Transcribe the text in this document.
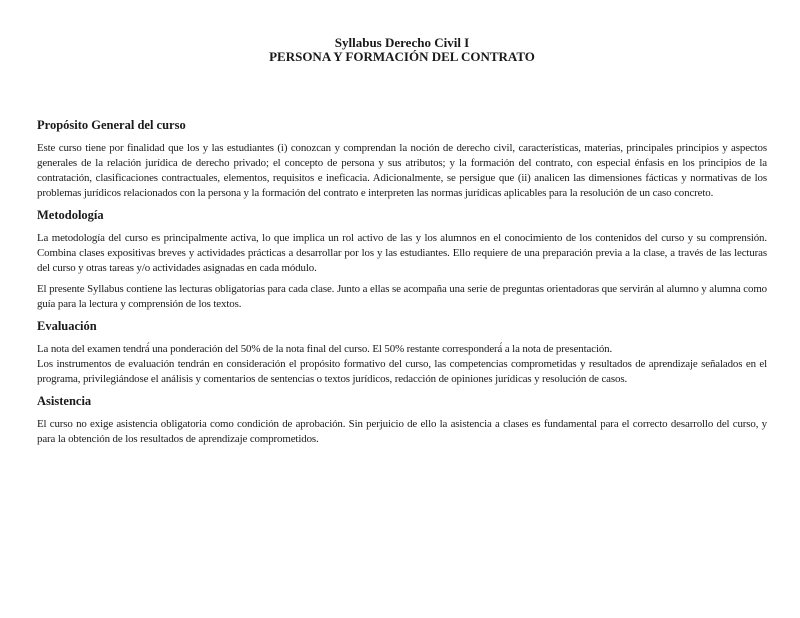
Syllabus Derecho Civil I
PERSONA Y FORMACIÓN DEL CONTRATO
Propósito General del curso

Este curso tiene por finalidad que los y las estudiantes (i) conozcan y comprendan la noción de derecho civil, características, materias, principales principios y aspectos generales de la relación jurídica de derecho privado; el concepto de persona y sus atributos; y la formación del contrato, con especial énfasis en los principios de la contratación, clasificaciones contractuales, elementos, requisitos e ineficacia. Adicionalmente, se persigue que (ii) analicen las dimensiones fácticas y normativas de los problemas jurídicos relacionados con la persona y la formación del contrato e interpreten las normas jurídicas aplicables para la resolución de un caso concreto.

Metodología

La metodología del curso es principalmente activa, lo que implica un rol activo de las y los alumnos en el conocimiento de los contenidos del curso y su comprensión. Combina clases expositivas breves y actividades prácticas a desarrollar por los y las estudiantes. Ello requiere de una preparación previa a la clase, a través de las lecturas del curso y otras tareas y/o actividades asignadas en cada módulo.

El presente Syllabus contiene las lecturas obligatorias para cada clase. Junto a ellas se acompaña una serie de preguntas orientadoras que servirán al alumno y alumna como guía para la lectura y comprensión de los textos.

Evaluación

La nota del examen tendrá́ una ponderación del 50% de la nota final del curso. El 50% restante corresponderá́ a la nota de presentación.

Los instrumentos de evaluación tendrán en consideración el propósito formativo del curso, las competencias comprometidas y resultados de aprendizaje señalados en el programa, privilegiándose el análisis y comentarios de sentencias o textos jurídicos, redacción de opiniones jurídicas y resolución de casos.

Asistencia

El curso no exige asistencia obligatoria como condición de aprobación. Sin perjuicio de ello la asistencia a clases es fundamental para el correcto desarrollo del curso, y para la obtención de los resultados de aprendizaje comprometidos.
